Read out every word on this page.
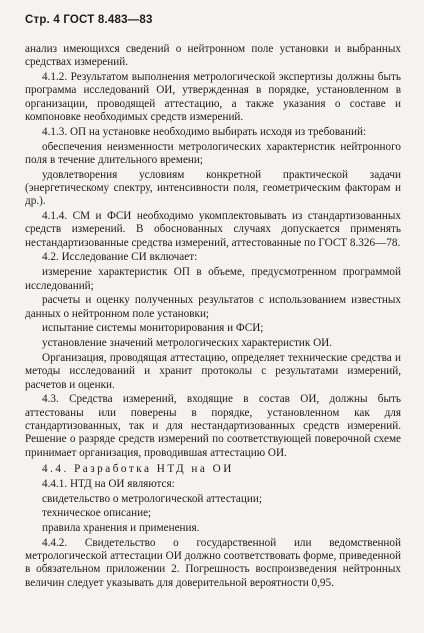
Стр. 4 ГОСТ 8.483—83

анализ имеющихся сведений о нейтронном поле установки и выбранных средствах измерений.

4.1.2. Результатом выполнения метрологической экспертизы должны быть программа исследований ОИ, утвержденная в порядке, установленном в организации, проводящей аттестацию, а также указания о составе и компоновке необходимых средств измерений.

4.1.3. ОП на установке необходимо выбирать исходя из требований:

обеспечения неизменности метрологических характеристик нейтронного поля в течение длительного времени;

удовлетворения условиям конкретной практической задачи (энергетическому спектру, интенсивности поля, геометрическим факторам и др.).

4.1.4. СМ и ФСИ необходимо укомплектовывать из стандартизованных средств измерений. В обоснованных случаях допускается применять нестандартизованные средства измерений, аттестованные по ГОСТ 8.326—78.

4.2. Исследование СИ включает:

измерение характеристик ОП в объеме, предусмотренном программой исследований;

расчеты и оценку полученных результатов с использованием известных данных о нейтронном поле установки;

испытание системы мониторирования и ФСИ;

установление значений метрологических характеристик ОИ.

Организация, проводящая аттестацию, определяет технические средства и методы исследований и хранит протоколы с результатами измерений, расчетов и оценки.

4.3. Средства измерений, входящие в состав ОИ, должны быть аттестованы или поверены в порядке, установленном как для стандартизованных, так и для нестандартизованных средств измерений. Решение о разряде средств измерений по соответствующей поверочной схеме принимает организация, проводившая аттестацию ОИ.

4.4. Разработка НТД на ОИ

4.4.1. НТД на ОИ являются:

свидетельство о метрологической аттестации;

техническое описание;

правила хранения и применения.

4.4.2. Свидетельство о государственной или ведомственной метрологической аттестации ОИ должно соответствовать форме, приведенной в обязательном приложении 2. Погрешность воспроизведения нейтронных величин следует указывать для доверительной вероятности 0,95.
